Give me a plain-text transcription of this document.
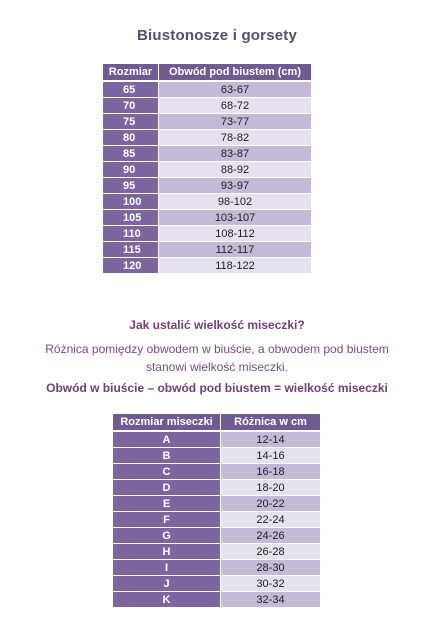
Biustonosze i gorsety
Rozmiar	Obwód pod biustem (cm)
65	63-67
70	68-72
75	73-77
80	78-82
85	83-87
90	88-92
95	93-97
100	98-102
105	103-107
110	108-112
115	112-117
120	118-122
Jak ustalić wielkość miseczki?
Różnica pomiędzy obwodem w biuście, a obwodem pod biustem
stanowi wielkość miseczki.
Obwód w biuście – obwód pod biustem = wielkość miseczki
Rozmiar miseczki	Różnica w cm
A	12-14
B	14-16
C	16-18
D	18-20
E	20-22
F	22-24
G	24-26
H	26-28
I	28-30
J	30-32
K	32-34
